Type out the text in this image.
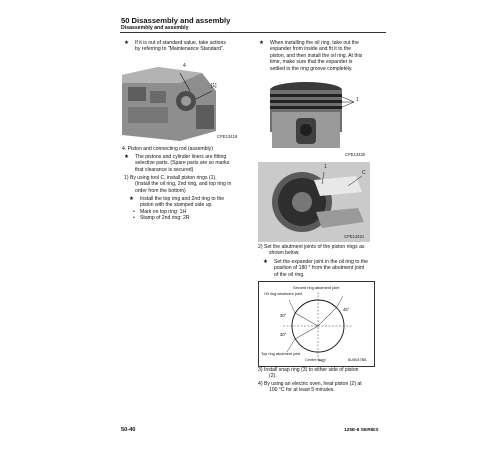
50 Disassembly and assembly
Disassembly and assembly
★ If it is out of standard value, take actions
by referring to "Maintenance Standard".
4
[1]
CPE13419
4. Piston and connecting rod (assembly)
★ The pistons and cylinder liners are fitting
selective parts. (Spare parts are so marks
that clearance is secured)
1) By using tool C, install piston rings (1).
(Install the oil ring, 2nd ring, and top ring in
order from the bottom)
★ Install the top ring and 2nd ring to the
piston with the stamped side up.
• Mark on top ring: 1H
• Stamp of 2nd ring: 2R
★ When installing the oil ring, take out the
expander from inside and fit it to the
piston, and then install the oil ring. At this
time, make sure that the expander is
settled in the ring groove completely.
1
CPE13420
1
C
CPE13421
2) Set the abutment joints of the piston rings as
shown below.
★ Set the expander joint in the oil ring to the
position of 180 ° from the abutment joint
of the oil ring.
Second ring abutment joint
Oil ring abutment joint
45°
30°
30°
Top ring abutment joint
Centre front	6U5047B8
3) Install snap ring (3) to either side of piston
(2).
4) By using an electric oven, heat piston (2) at
100 °C for at least 5 minutes.
50-40	125E-6 SERIES
